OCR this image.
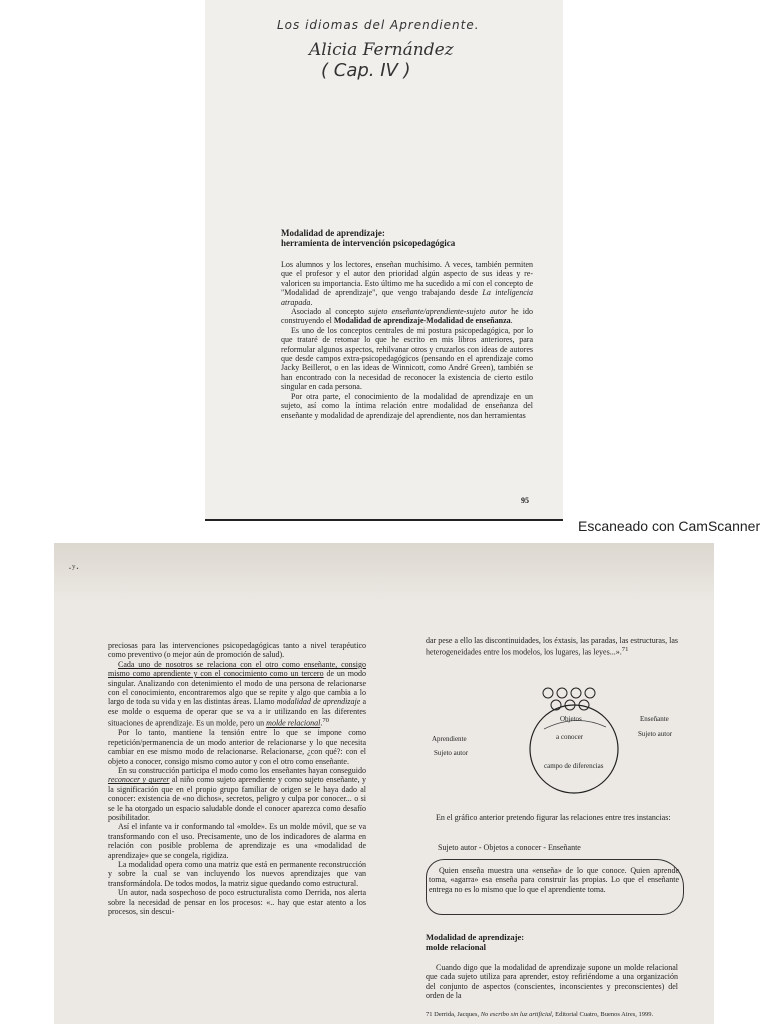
Los idiomas del Aprendiente.
Alicia Fernández
( Cap. IV )
Modalidad de aprendizaje:
herramienta de intervención psicopedagógica

Los alumnos y los lectores, enseñan muchísimo. A veces, también permiten que el profesor y el autor den prioridad algún aspecto de sus ideas y re-valoricen su importancia. Esto último me ha sucedido a mí con el concepto de "Modalidad de aprendizaje", que vengo trabajando desde La inteligencia atrapada.

Asociado al concepto sujeto enseñante/aprendiente-sujeto autor he ido construyendo el Modalidad de aprendizaje-Modalidad de enseñanza.

Es uno de los conceptos centrales de mi postura psicopedagógica, por lo que trataré de retomar lo que he escrito en mis libros anteriores, para reformular algunos aspectos, rehilvanar otros y cruzarlos con ideas de autores que desde campos extra-psicopedagógicos (pensando en el aprendizaje como Jacky Beillerot, o en las ideas de Winnicott, como André Green), también se han encontrado con la necesidad de reconocer la existencia de cierto estilo singular en cada persona.

Por otra parte, el conocimiento de la modalidad de aprendizaje en un sujeto, así como la íntima relación entre modalidad de enseñanza del enseñante y modalidad de aprendizaje del aprendiente, nos dan herramientas

95
Escaneado con CamScanner
·ʸ·

preciosas para las intervenciones psicopedagógicas tanto a nivel terapéutico como preventivo (o mejor aún de promoción de salud).

Cada uno de nosotros se relaciona con el otro como enseñante, consigo mismo como aprendiente y con el conocimiento como un tercero de un modo singular. Analizando con detenimiento el modo de una persona de relacionarse con el conocimiento, encontraremos algo que se repite y algo que cambia a lo largo de toda su vida y en las distintas áreas. Llamo modalidad de aprendizaje a ese molde o esquema de operar que se va a ir utilizando en las diferentes situaciones de aprendizaje. Es un molde, pero un molde relacional.$^{70}$

Por lo tanto, mantiene la tensión entre lo que se impone como repetición/permanencia de un modo anterior de relacionarse y lo que necesita cambiar en ese mismo modo de relacionarse. Relacionarse, ¿con qué?: con el objeto a conocer, consigo mismo como autor y con el otro como enseñante.

En su construcción participa el modo como los enseñantes hayan conseguido reconocer y querer al niño como sujeto aprendiente y como sujeto enseñante, y la significación que en el propio grupo familiar de origen se le haya dado al conocer: existencia de «no dichos», secretos, peligro y culpa por conocer... o si se le ha otorgado un espacio saludable donde el conocer aparezca como desafío posibilitador.

Así el infante va ir conformando tal «molde». Es un molde móvil, que se va transformando con el uso. Precisamente, uno de los indicadores de alarma en relación con posible problema de aprendizaje es una «modalidad de aprendizaje» que se congela, rigidiza.

La modalidad opera como una matriz que está en permanente reconstrucción y sobre la cual se van incluyendo los nuevos aprendizajes que van transformándola. De todos modos, la matriz sigue quedando como estructural.

Un autor, nada sospechoso de poco estructuralista como Derrida, nos alerta sobre la necesidad de pensar en los procesos: «.. hay que estar atento a los procesos, sin descui-

dar pese a ello las discontinuidades, los éxtasis, las paradas, las estructuras, las heterogeneidades entre los modelos, los lugares, las leyes...».$^{71}$

Objetos
a conocer
campo de diferencias
Aprendiente
Sujeto autor
Enseñante
Sujeto autor

En el gráfico anterior pretendo figurar las relaciones entre tres instancias:

Sujeto autor - Objetos a conocer - Enseñante

Quien enseña muestra una «enseña» de lo que conoce. Quien aprende toma, «agarra» esa enseña para construir las propias. Lo que el enseñante entrega no es lo mismo que lo que el aprendiente toma.

Modalidad de aprendizaje:
molde relacional

Cuando digo que la modalidad de aprendizaje supone un molde relacional que cada sujeto utiliza para aprender, estoy refiriéndome a una organización del conjunto de aspectos (conscientes, inconscientes y preconscientes) del orden de la

71 Derrida, Jacques, No escribo sin luz artificial, Editorial Cuatro, Buenos Aires, 1999.
